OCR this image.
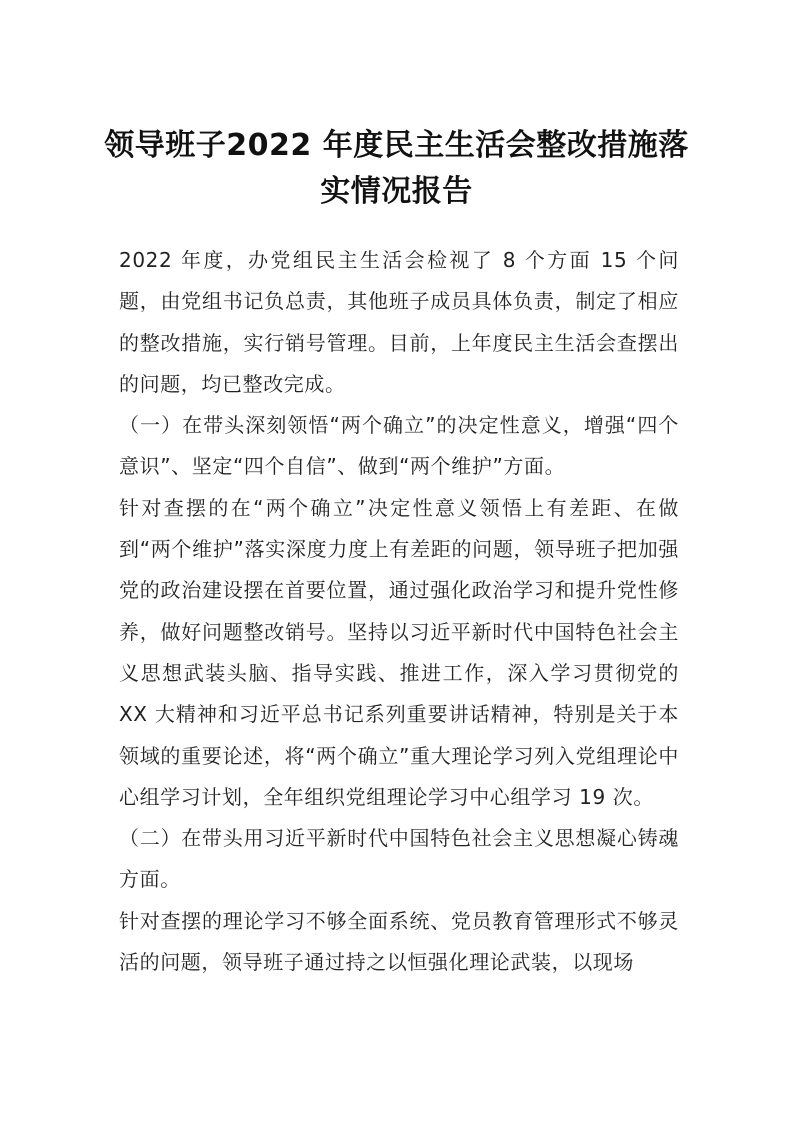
领导班子2022 年度民主生活会整改措施落
实情况报告

2022 年度，办党组民主生活会检视了 8 个方面 15 个问题，由党组书记负总责，其他班子成员具体负责，制定了相应的整改措施，实行销号管理。目前，上年度民主生活会查摆出的问题，均已整改完成。

（一）在带头深刻领悟“两个确立”的决定性意义，增强“四个意识”、坚定“四个自信”、做到“两个维护”方面。

针对查摆的在“两个确立”决定性意义领悟上有差距、在做到“两个维护”落实深度力度上有差距的问题，领导班子把加强党的政治建设摆在首要位置，通过强化政治学习和提升党性修养，做好问题整改销号。坚持以习近平新时代中国特色社会主义思想武装头脑、指导实践、推进工作，深入学习贯彻党的 XX 大精神和习近平总书记系列重要讲话精神，特别是关于本领域的重要论述，将“两个确立”重大理论学习列入党组理论中心组学习计划，全年组织党组理论学习中心组学习 19 次。

（二）在带头用习近平新时代中国特色社会主义思想凝心铸魂方面。

针对查摆的理论学习不够全面系统、党员教育管理形式不够灵活的问题，领导班子通过持之以恒强化理论武装，以现场
